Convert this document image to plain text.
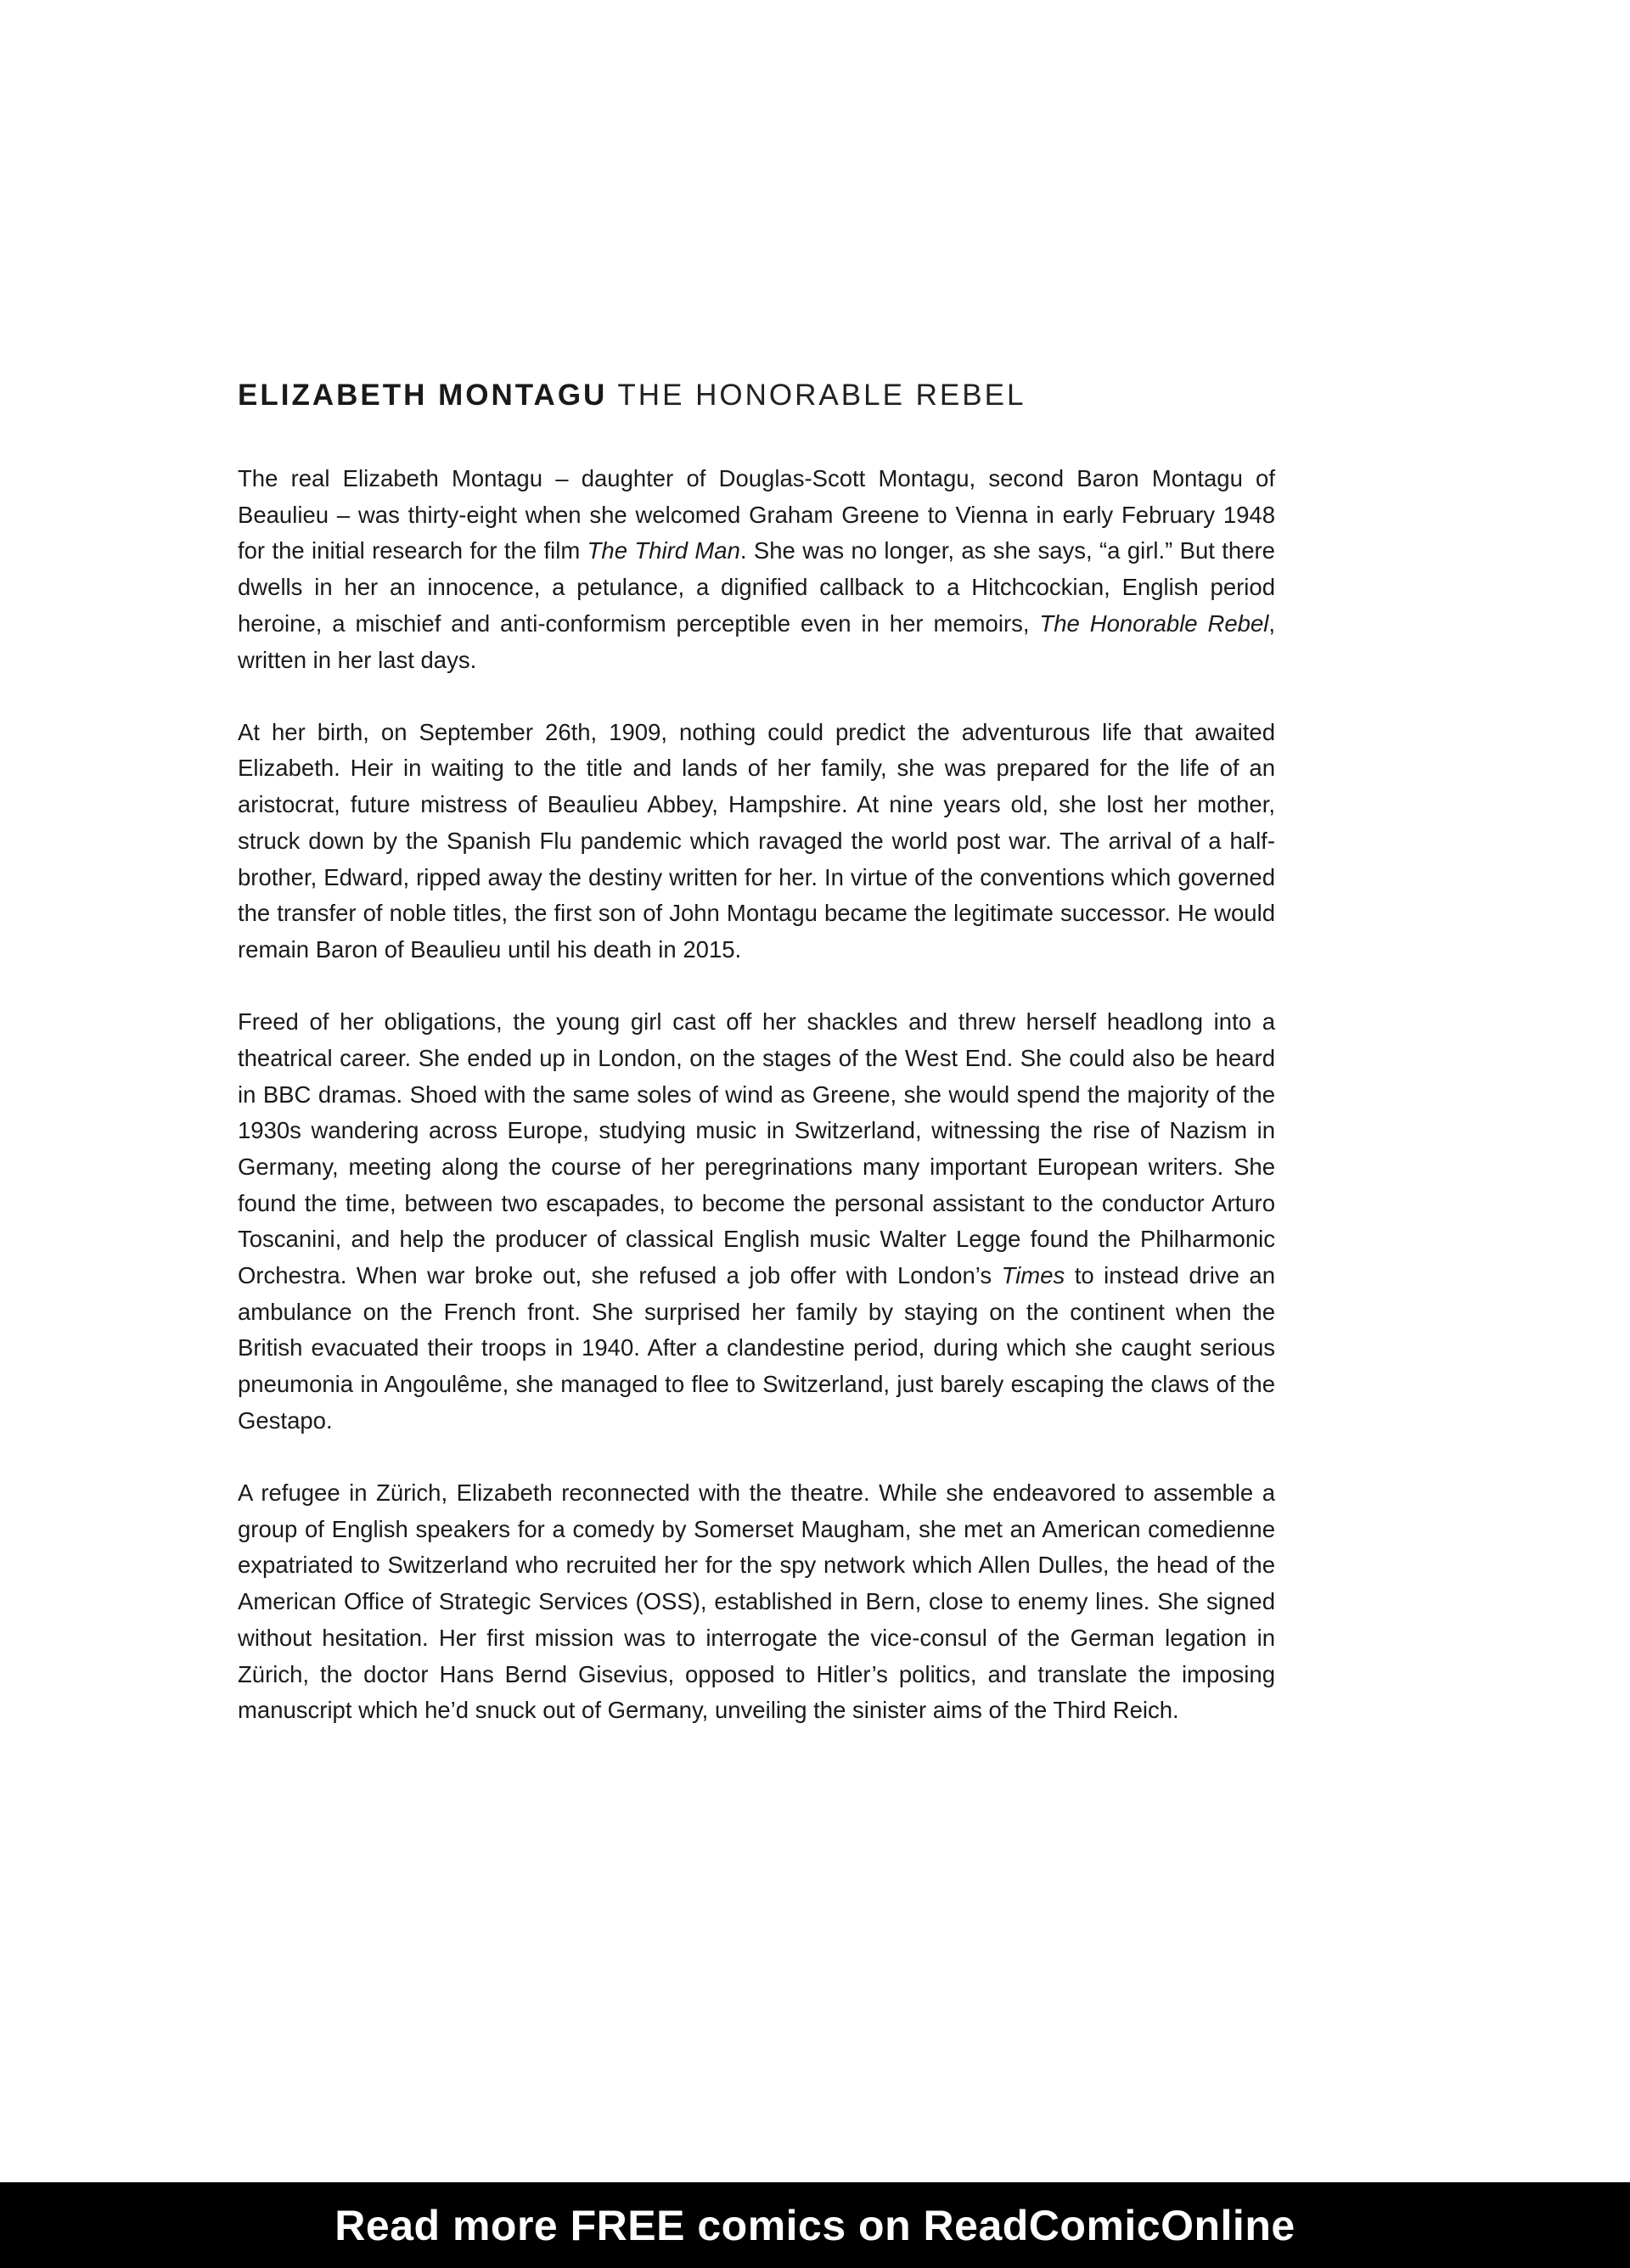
ELIZABETH MONTAGU THE HONORABLE REBEL

The real Elizabeth Montagu – daughter of Douglas-Scott Montagu, second Baron Montagu of Beaulieu – was thirty-eight when she welcomed Graham Greene to Vienna in early February 1948 for the initial research for the film The Third Man. She was no longer, as she says, “a girl.” But there dwells in her an innocence, a petulance, a dignified callback to a Hitchcockian, English period heroine, a mischief and anti-conformism perceptible even in her memoirs, The Honorable Rebel, written in her last days.

At her birth, on September 26th, 1909, nothing could predict the adventurous life that awaited Elizabeth. Heir in waiting to the title and lands of her family, she was prepared for the life of an aristocrat, future mistress of Beaulieu Abbey, Hampshire. At nine years old, she lost her mother, struck down by the Spanish Flu pandemic which ravaged the world post war. The arrival of a half-brother, Edward, ripped away the destiny written for her. In virtue of the conventions which governed the transfer of noble titles, the first son of John Montagu became the legitimate successor. He would remain Baron of Beaulieu until his death in 2015.

Freed of her obligations, the young girl cast off her shackles and threw herself headlong into a theatrical career. She ended up in London, on the stages of the West End. She could also be heard in BBC dramas. Shoed with the same soles of wind as Greene, she would spend the majority of the 1930s wandering across Europe, studying music in Switzerland, witnessing the rise of Nazism in Germany, meeting along the course of her peregrinations many important European writers. She found the time, between two escapades, to become the personal assistant to the conductor Arturo Toscanini, and help the producer of classical English music Walter Legge found the Philharmonic Orchestra. When war broke out, she refused a job offer with London’s Times to instead drive an ambulance on the French front. She surprised her family by staying on the continent when the British evacuated their troops in 1940. After a clandestine period, during which she caught serious pneumonia in Angoulême, she managed to flee to Switzerland, just barely escaping the claws of the Gestapo.

A refugee in Zürich, Elizabeth reconnected with the theatre. While she endeavored to assemble a group of English speakers for a comedy by Somerset Maugham, she met an American comedienne expatriated to Switzerland who recruited her for the spy network which Allen Dulles, the head of the American Office of Strategic Services (OSS), established in Bern, close to enemy lines. She signed without hesitation. Her first mission was to interrogate the vice-consul of the German legation in Zürich, the doctor Hans Bernd Gisevius, opposed to Hitler’s politics, and translate the imposing manuscript which he’d snuck out of Germany, unveiling the sinister aims of the Third Reich.

Read more FREE comics on ReadComicOnline
